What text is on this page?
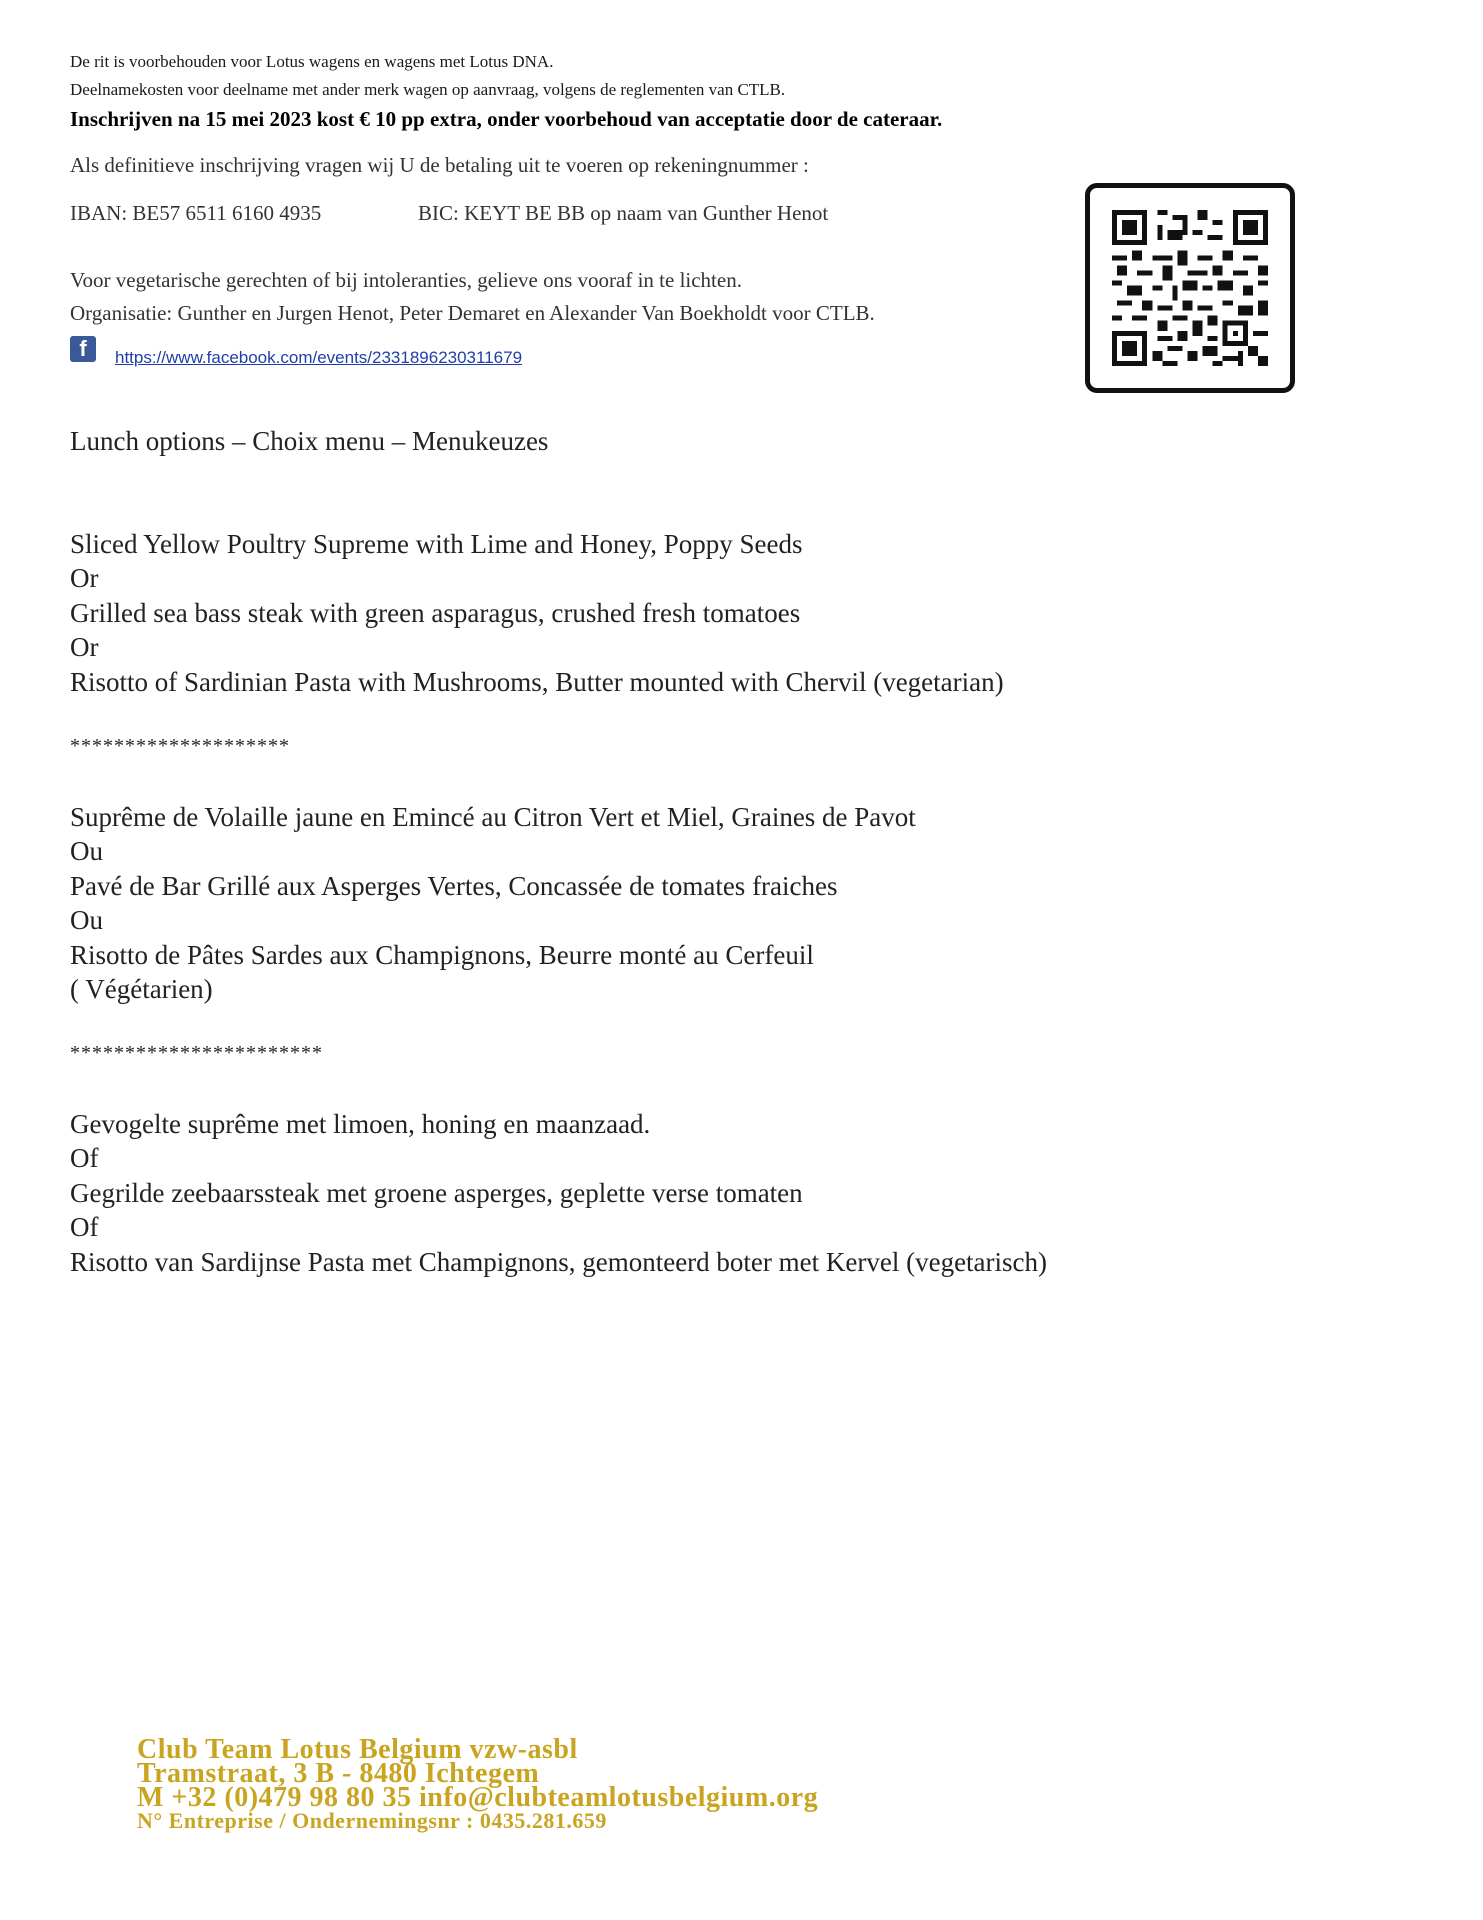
De rit is voorbehouden voor Lotus wagens en wagens met Lotus DNA.
Deelnamekosten voor deelname met ander merk wagen op aanvraag, volgens de reglementen van CTLB.
Inschrijven na 15 mei 2023 kost € 10 pp extra, onder voorbehoud van acceptatie door de cateraar.
Als definitieve inschrijving vragen wij U de betaling uit te voeren op rekeningnummer :
IBAN: BE57 6511 6160 4935	BIC: KEYT BE BB op naam van Gunther Henot
Voor vegetarische gerechten of bij intoleranties, gelieve ons vooraf in te lichten.
Organisatie: Gunther en Jurgen Henot, Peter Demaret en Alexander Van Boekholdt voor CTLB.
f	https://www.facebook.com/events/2331896230311679
Lunch options – Choix menu – Menukeuzes
Sliced Yellow Poultry Supreme with Lime and Honey, Poppy Seeds
Or
Grilled sea bass steak with green asparagus, crushed fresh tomatoes
Or
Risotto of Sardinian Pasta with Mushrooms, Butter mounted with Chervil (vegetarian)
********************
Suprême de Volaille jaune en Emincé au Citron Vert et Miel, Graines de Pavot
Ou
Pavé de Bar Grillé aux Asperges Vertes, Concassée de tomates fraiches
Ou
Risotto de Pâtes Sardes aux Champignons, Beurre monté au Cerfeuil
( Végétarien)
***********************
Gevogelte suprême met limoen, honing en maanzaad.
Of
Gegrilde zeebaarssteak met groene asperges, geplette verse tomaten
Of
Risotto van Sardijnse Pasta met Champignons, gemonteerd boter met Kervel (vegetarisch)
Club Team Lotus Belgium vzw-asbl
Tramstraat, 3 B - 8480 Ichtegem
M +32 (0)479 98 80 35 info@clubteamlotusbelgium.org
N° Entreprise / Ondernemingsnr : 0435.281.659
